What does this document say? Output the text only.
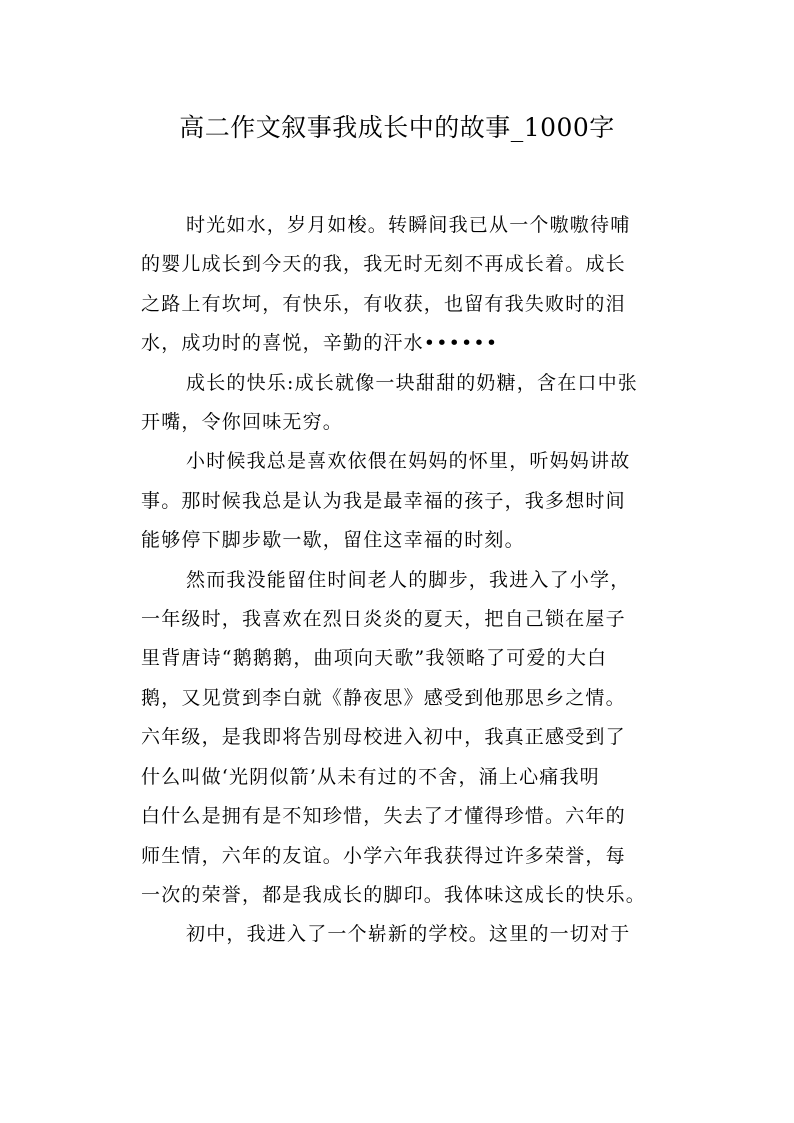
高二作文叙事我成长中的故事_1000字

时光如水，岁月如梭。转瞬间我已从一个嗷嗷待哺
的婴儿成长到今天的我，我无时无刻不再成长着。成长
之路上有坎坷，有快乐，有收获，也留有我失败时的泪
水，成功时的喜悦，辛勤的汗水••••••

成长的快乐:成长就像一块甜甜的奶糖，含在口中张
开嘴，令你回味无穷。

小时候我总是喜欢依偎在妈妈的怀里，听妈妈讲故
事。那时候我总是认为我是最幸福的孩子，我多想时间
能够停下脚步歇一歇，留住这幸福的时刻。

然而我没能留住时间老人的脚步，我进入了小学，
一年级时，我喜欢在烈日炎炎的夏天，把自己锁在屋子
里背唐诗“鹅鹅鹅，曲项向天歌”我领略了可爱的大白
鹅，又见赏到李白就《静夜思》感受到他那思乡之情。
六年级，是我即将告别母校进入初中，我真正感受到了
什么叫做‘光阴似箭’从未有过的不舍，涌上心痛我明
白什么是拥有是不知珍惜，失去了才懂得珍惜。六年的
师生情，六年的友谊。小学六年我获得过许多荣誉，每
一次的荣誉，都是我成长的脚印。我体味这成长的快乐。

初中，我进入了一个崭新的学校。这里的一切对于
